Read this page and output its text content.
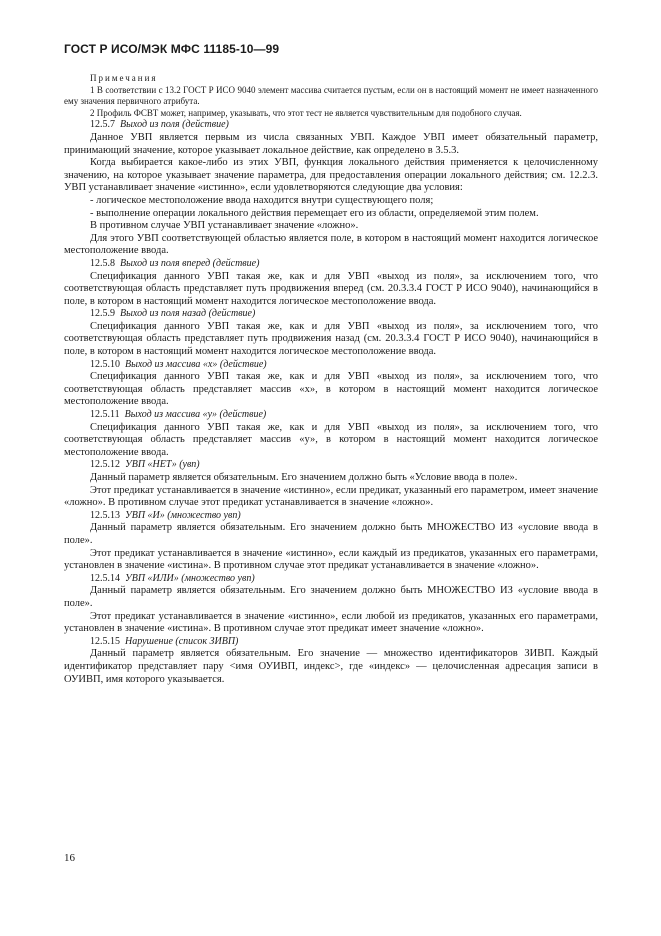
ГОСТ Р ИСО/МЭК МФС 11185-10—99

Примечания

1 В соответствии с 13.2 ГОСТ Р ИСО 9040 элемент массива считается пустым, если он в настоящий момент не имеет назначенного ему значения первичного атрибута.

2 Профиль ФСВТ может, например, указывать, что этот тест не является чувствительным для подобного случая.

12.5.7 Выход из поля (действие)

Данное УВП является первым из числа связанных УВП. Каждое УВП имеет обязательный параметр, принимающий значение, которое указывает локальное действие, как определено в 3.5.3.

Когда выбирается какое-либо из этих УВП, функция локального действия применяется к целочисленному значению, на которое указывает значение параметра, для предоставления операции локального действия; см. 12.2.3. УВП устанавливает значение «истинно», если удовлетворяются следующие два условия:

- логическое местоположение ввода находится внутри существующего поля;

- выполнение операции локального действия перемещает его из области, определяемой этим полем.

В противном случае УВП устанавливает значение «ложно».

Для этого УВП соответствующей областью является поле, в котором в настоящий момент находится логическое местоположение ввода.

12.5.8 Выход из поля вперед (действие)

Спецификация данного УВП такая же, как и для УВП «выход из поля», за исключением того, что соответствующая область представляет путь продвижения вперед (см. 20.3.3.4 ГОСТ Р ИСО 9040), начинающийся в поле, в котором в настоящий момент находится логическое местоположение ввода.

12.5.9 Выход из поля назад (действие)

Спецификация данного УВП такая же, как и для УВП «выход из поля», за исключением того, что соответствующая область представляет путь продвижения назад (см. 20.3.3.4 ГОСТ Р ИСО 9040), начинающийся в поле, в котором в настоящий момент находится логическое местоположение ввода.

12.5.10 Выход из массива «х» (действие)

Спецификация данного УВП такая же, как и для УВП «выход из поля», за исключением того, что соответствующая область представляет массив «х», в котором в настоящий момент находится логическое местоположение ввода.

12.5.11 Выход из массива «у» (действие)

Спецификация данного УВП такая же, как и для УВП «выход из поля», за исключением того, что соответствующая область представляет массив «у», в котором в настоящий момент находится логическое местоположение ввода.

12.5.12 УВП «НЕТ» (увп)

Данный параметр является обязательным. Его значением должно быть «Условие ввода в поле».

Этот предикат устанавливается в значение «истинно», если предикат, указанный его параметром, имеет значение «ложно». В противном случае этот предикат устанавливается в значение «ложно».

12.5.13 УВП «И» (множество увп)

Данный параметр является обязательным. Его значением должно быть МНОЖЕСТВО ИЗ «условие ввода в поле».

Этот предикат устанавливается в значение «истинно», если каждый из предикатов, указанных его параметрами, установлен в значение «истина». В противном случае этот предикат устанавливается в значение «ложно».

12.5.14 УВП «ИЛИ» (множество увп)

Данный параметр является обязательным. Его значением должно быть МНОЖЕСТВО ИЗ «условие ввода в поле».

Этот предикат устанавливается в значение «истинно», если любой из предикатов, указанных его параметрами, установлен в значение «истина». В противном случае этот предикат имеет значение «ложно».

12.5.15 Нарушение (список ЗИВП)

Данный параметр является обязательным. Его значение — множество идентификаторов ЗИВП. Каждый идентификатор представляет пару <имя ОУИВП, индекс>, где «индекс» — целочисленная адресация записи в ОУИВП, имя которого указывается.

16
